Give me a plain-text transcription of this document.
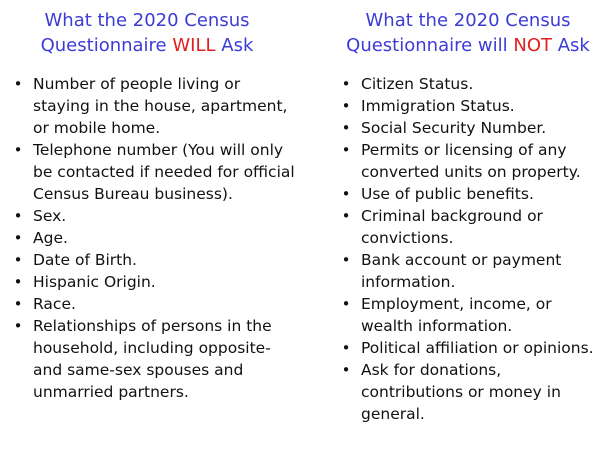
What the 2020 Census
Questionnaire WILL Ask
• Number of people living or staying in the house, apartment, or mobile home.
• Telephone number (You will only be contacted if needed for official Census Bureau business).
• Sex.
• Age.
• Date of Birth.
• Hispanic Origin.
• Race.
• Relationships of persons in the household, including opposite- and same-sex spouses and unmarried partners.
What the 2020 Census
Questionnaire will NOT Ask
• Citizen Status.
• Immigration Status.
• Social Security Number.
• Permits or licensing of any converted units on property.
• Use of public benefits.
• Criminal background or convictions.
• Bank account or payment information.
• Employment, income, or wealth information.
• Political affiliation or opinions.
• Ask for donations, contributions or money in general.
